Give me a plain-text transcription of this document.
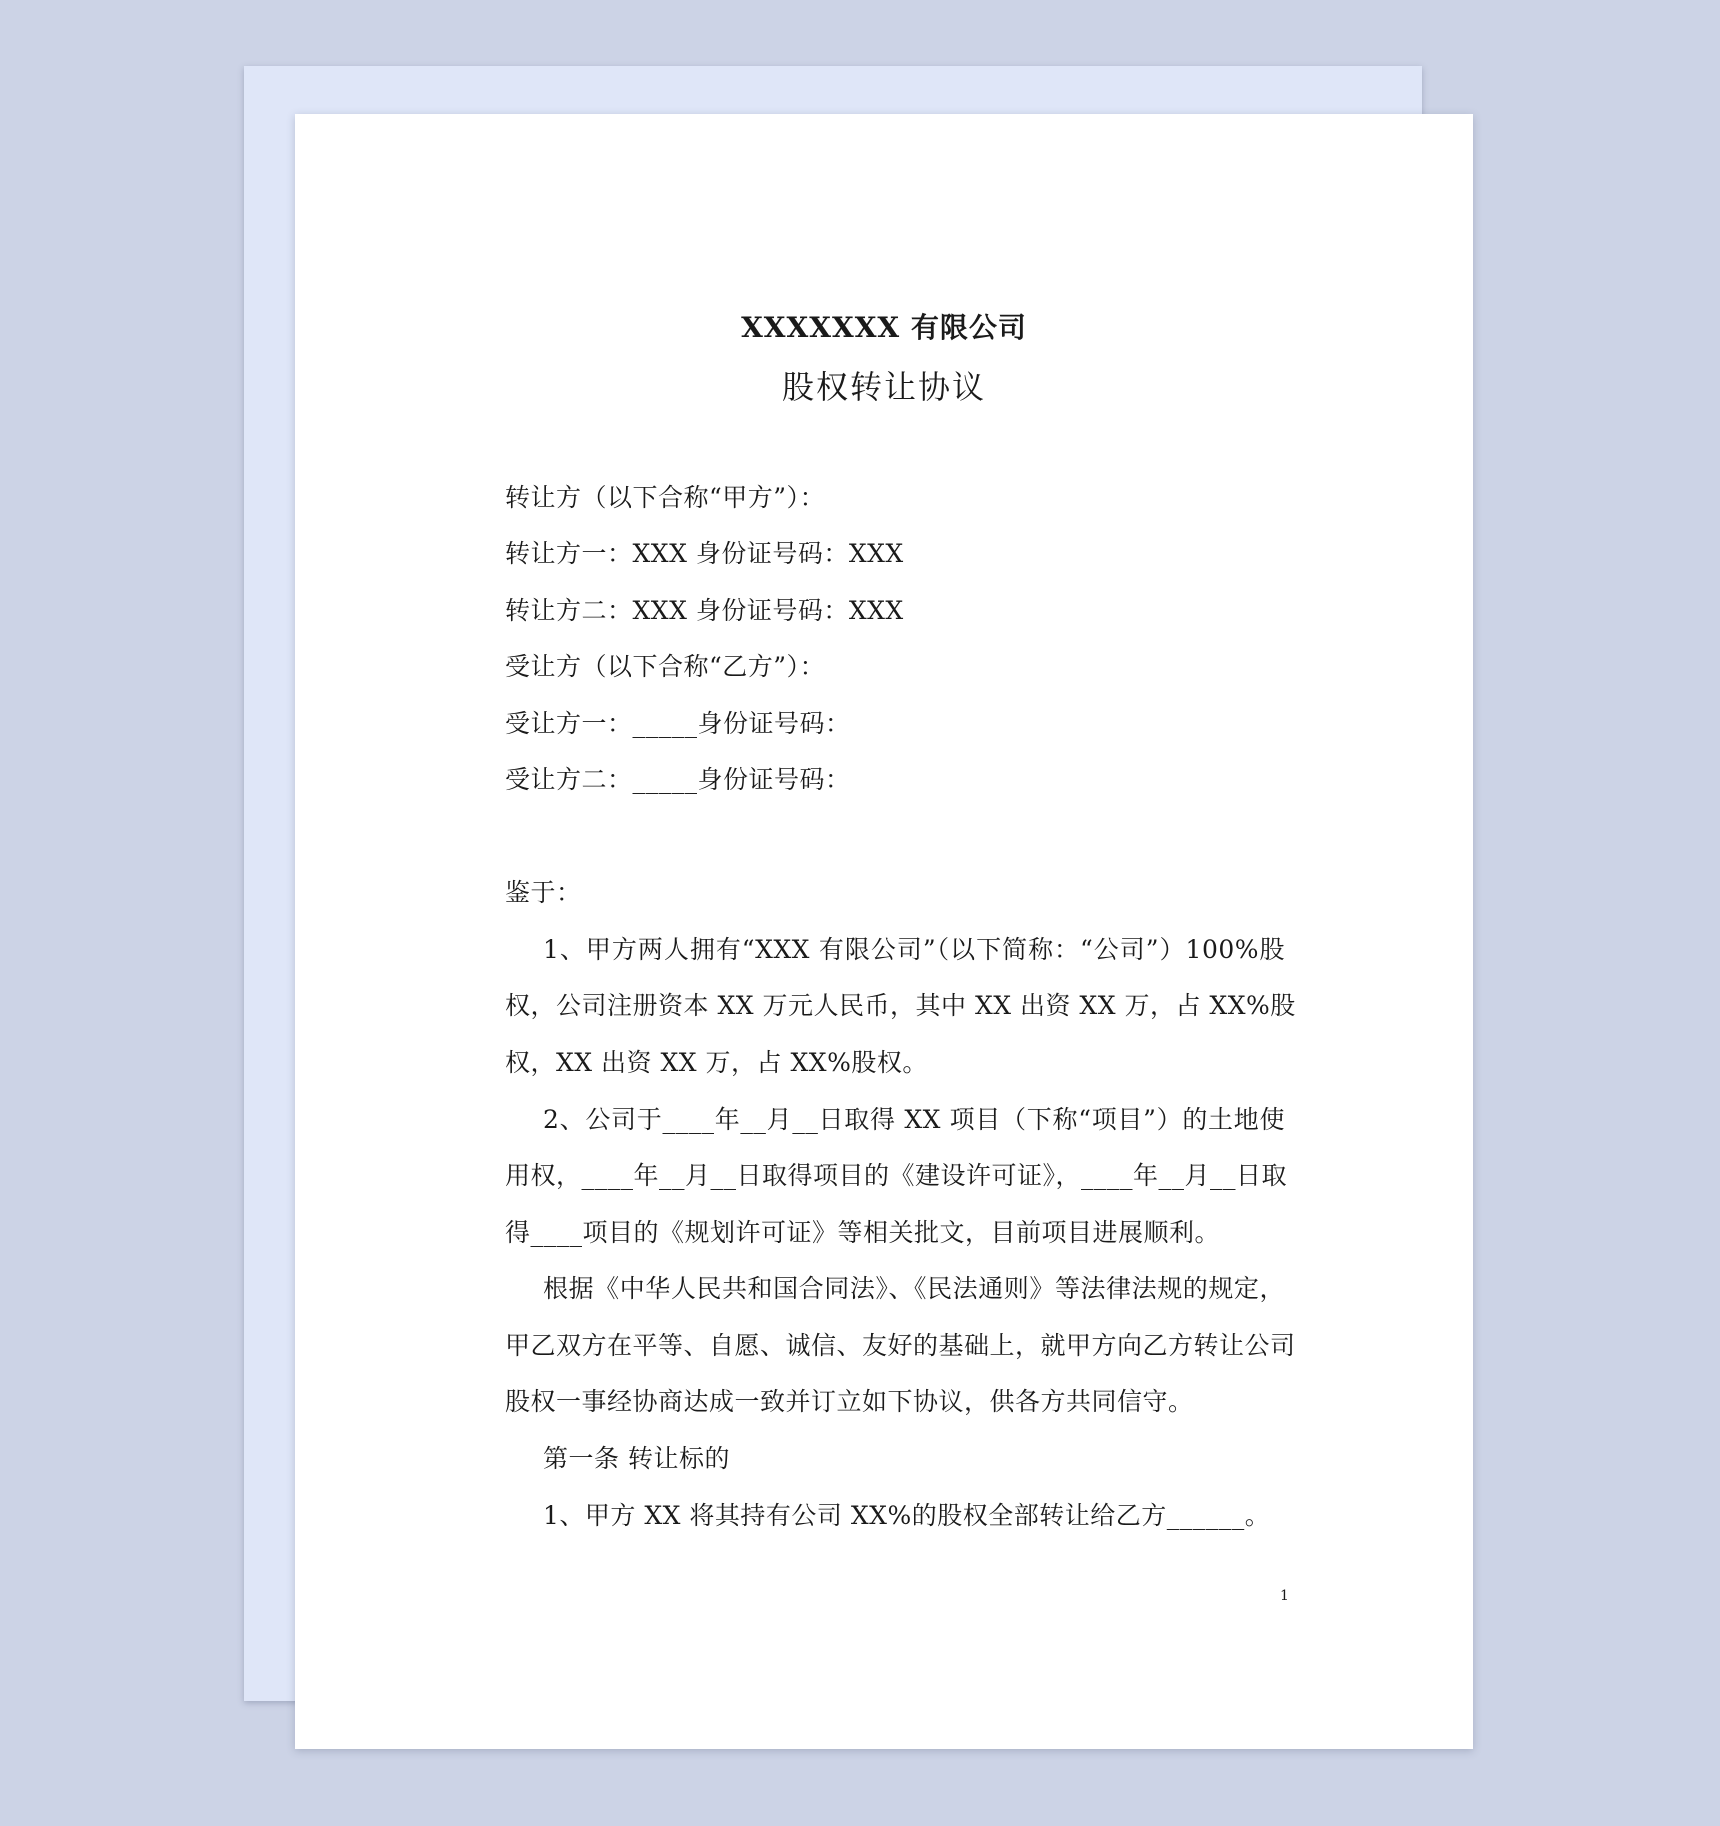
XXXXXXX 有限公司
股权转让协议
转让方（以下合称“甲方”）：
转让方一：XXX 身份证号码：XXX
转让方二：XXX 身份证号码：XXX
受让方（以下合称“乙方”）：
受让方一：_____身份证号码：
受让方二：_____身份证号码：
鉴于：
1、甲方两人拥有“XXX 有限公司”（以下简称：“公司”）100%股
权，公司注册资本 XX 万元人民币，其中 XX 出资 XX 万，占 XX%股
权，XX 出资 XX 万，占 XX%股权。
2、公司于____年__月__日取得 XX 项目（下称“项目”）的土地使
用权，____年__月__日取得项目的《建设许可证》，____年__月__日取
得____项目的《规划许可证》等相关批文，目前项目进展顺利。
根据《中华人民共和国合同法》、《民法通则》等法律法规的规定，
甲乙双方在平等、自愿、诚信、友好的基础上，就甲方向乙方转让公司
股权一事经协商达成一致并订立如下协议，供各方共同信守。
第一条 转让标的
1、甲方 XX 将其持有公司 XX%的股权全部转让给乙方______。
1
